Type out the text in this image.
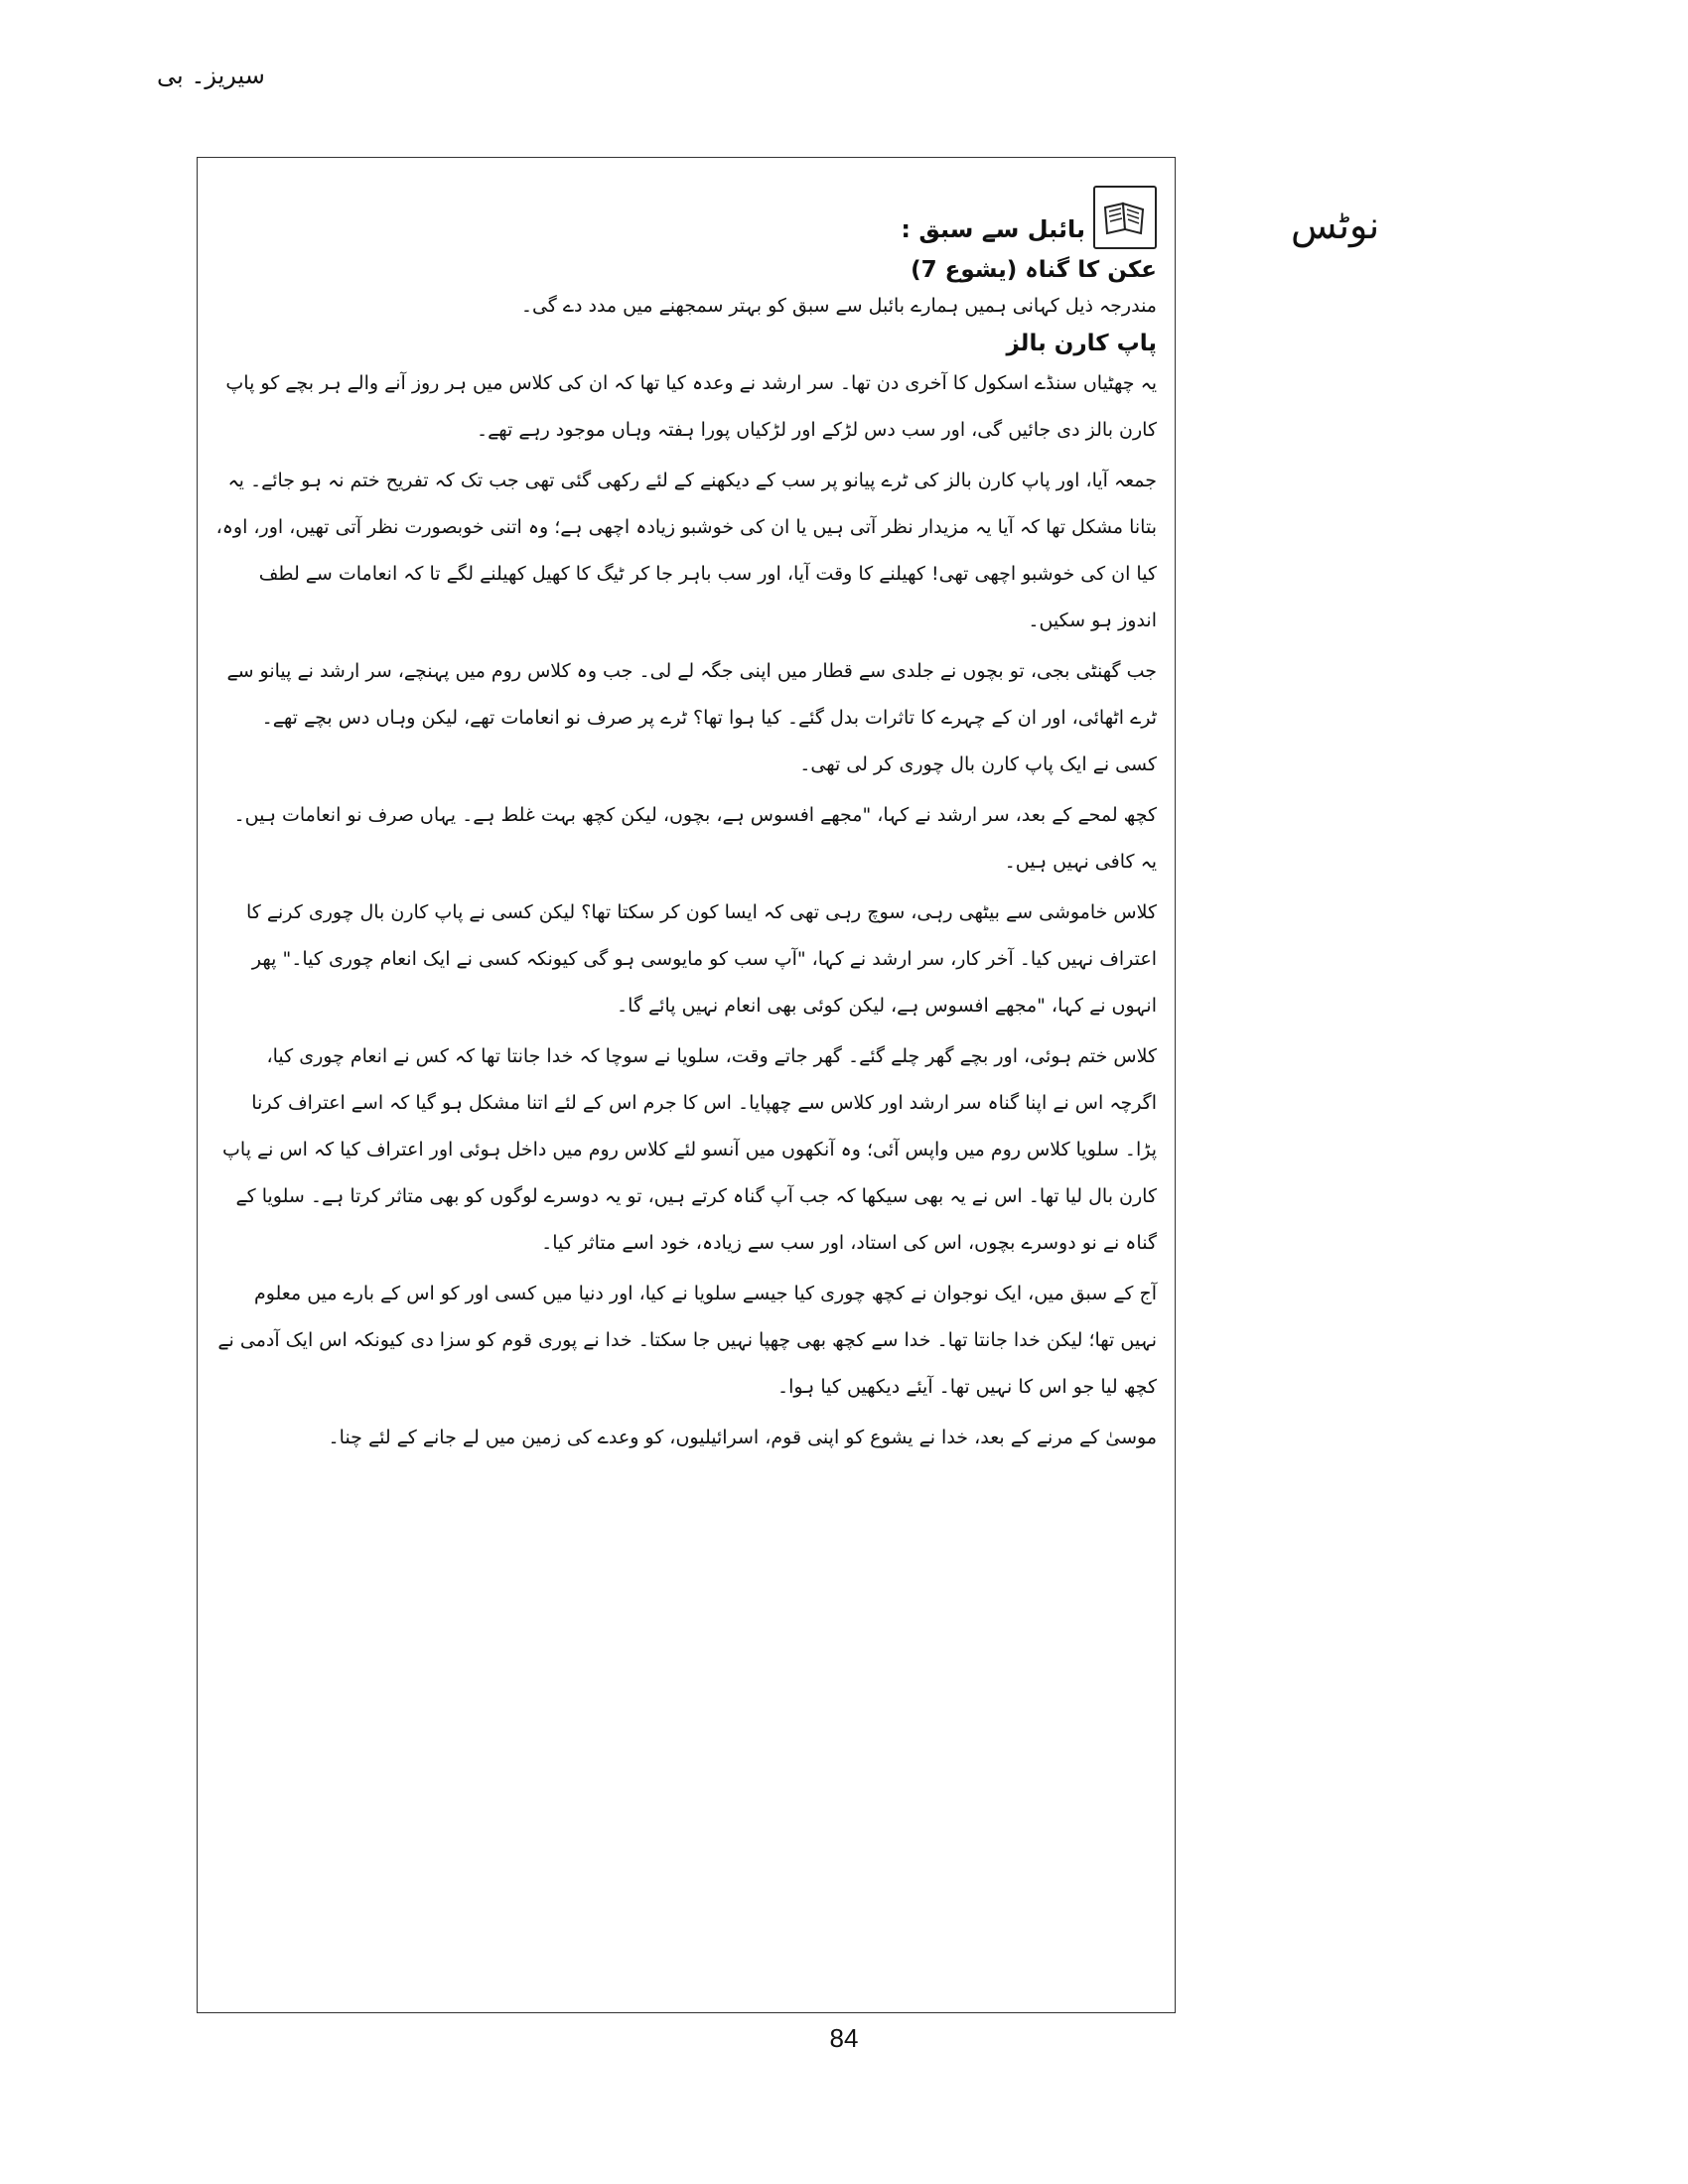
سیریز۔ بی
نوٹس
بائبل سے سبق :

عکن کا گناہ (یشوع 7)

مندرجہ ذیل کہانی ہمیں ہمارے بائبل سے سبق کو بہتر سمجھنے میں مدد دے گی۔

پاپ کارن بالز

یہ چھٹیاں سنڈے اسکول کا آخری دن تھا۔ سر ارشد نے وعدہ کیا تھا کہ ان کی کلاس میں ہر روز آنے والے ہر بچے کو پاپ کارن بالز دی جائیں گی، اور سب دس لڑکے اور لڑکیاں پورا ہفتہ وہاں موجود رہے تھے۔

جمعہ آیا، اور پاپ کارن بالز کی ٹرے پیانو پر سب کے دیکھنے کے لئے رکھی گئی تھی جب تک کہ تفریح ختم نہ ہو جائے۔ یہ بتانا مشکل تھا کہ آیا یہ مزیدار نظر آتی ہیں یا ان کی خوشبو زیادہ اچھی ہے؛ وہ اتنی خوبصورت نظر آتی تھیں، اور، اوہ، کیا ان کی خوشبو اچھی تھی! کھیلنے کا وقت آیا، اور سب باہر جا کر ٹیگ کا کھیل کھیلنے لگے تا کہ انعامات سے لطف اندوز ہو سکیں۔

جب گھنٹی بجی، تو بچوں نے جلدی سے قطار میں اپنی جگہ لے لی۔ جب وہ کلاس روم میں پہنچے، سر ارشد نے پیانو سے ٹرے اٹھائی، اور ان کے چہرے کا تاثرات بدل گئے۔ کیا ہوا تھا؟ ٹرے پر صرف نو انعامات تھے، لیکن وہاں دس بچے تھے۔ کسی نے ایک پاپ کارن بال چوری کر لی تھی۔

کچھ لمحے کے بعد، سر ارشد نے کہا، "مجھے افسوس ہے، بچوں، لیکن کچھ بہت غلط ہے۔ یہاں صرف نو انعامات ہیں۔ یہ کافی نہیں ہیں۔

کلاس خاموشی سے بیٹھی رہی، سوچ رہی تھی کہ ایسا کون کر سکتا تھا؟ لیکن کسی نے پاپ کارن بال چوری کرنے کا اعتراف نہیں کیا۔ آخر کار، سر ارشد نے کہا، "آپ سب کو مایوسی ہو گی کیونکہ کسی نے ایک انعام چوری کیا۔" پھر انہوں نے کہا، "مجھے افسوس ہے، لیکن کوئی بھی انعام نہیں پائے گا۔

کلاس ختم ہوئی، اور بچے گھر چلے گئے۔ گھر جاتے وقت، سلویا نے سوچا کہ خدا جانتا تھا کہ کس نے انعام چوری کیا، اگرچہ اس نے اپنا گناہ سر ارشد اور کلاس سے چھپایا۔ اس کا جرم اس کے لئے اتنا مشکل ہو گیا کہ اسے اعتراف کرنا پڑا۔ سلویا کلاس روم میں واپس آئی؛ وہ آنکھوں میں آنسو لئے کلاس روم میں داخل ہوئی اور اعتراف کیا کہ اس نے پاپ کارن بال لیا تھا۔ اس نے یہ بھی سیکھا کہ جب آپ گناہ کرتے ہیں، تو یہ دوسرے لوگوں کو بھی متاثر کرتا ہے۔ سلویا کے گناہ نے نو دوسرے بچوں، اس کی استاد، اور سب سے زیادہ، خود اسے متاثر کیا۔

آج کے سبق میں، ایک نوجوان نے کچھ چوری کیا جیسے سلویا نے کیا، اور دنیا میں کسی اور کو اس کے بارے میں معلوم نہیں تھا؛ لیکن خدا جانتا تھا۔ خدا سے کچھ بھی چھپا نہیں جا سکتا۔ خدا نے پوری قوم کو سزا دی کیونکہ اس ایک آدمی نے کچھ لیا جو اس کا نہیں تھا۔ آیئے دیکھیں کیا ہوا۔

موسیٰ کے مرنے کے بعد، خدا نے یشوع کو اپنی قوم، اسرائیلیوں، کو وعدے کی زمین میں لے جانے کے لئے چنا۔

84
